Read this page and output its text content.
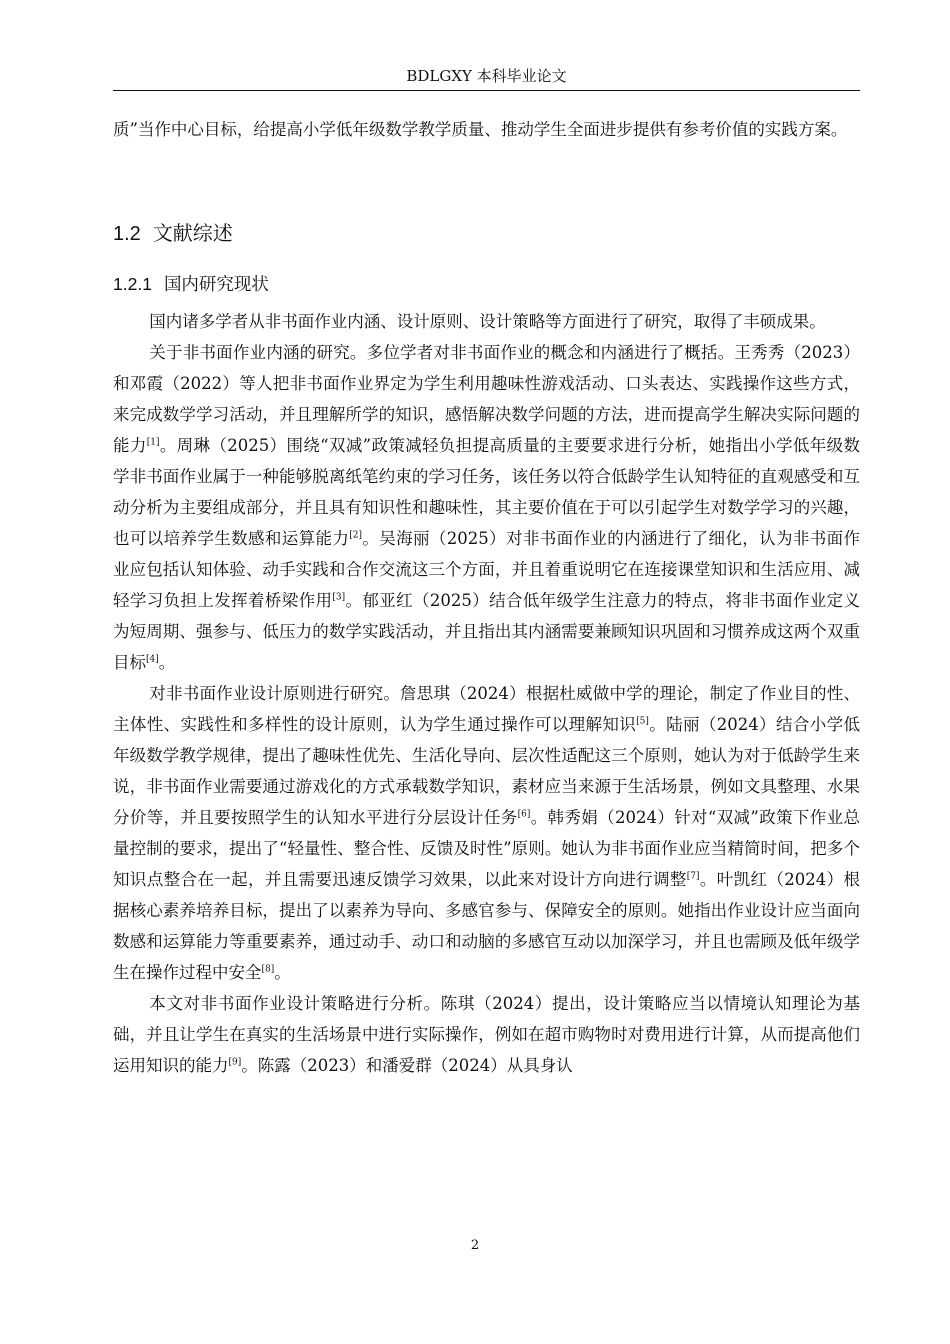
BDLGXY 本科毕业论文

质”当作中心目标，给提高小学低年级数学教学质量、推动学生全面进步提供有参考价值的实践方案。

1.2 文献综述
1.2.1 国内研究现状

国内诸多学者从非书面作业内涵、设计原则、设计策略等方面进行了研究，取得了丰硕成果。

关于非书面作业内涵的研究。多位学者对非书面作业的概念和内涵进行了概括。王秀秀（2023）和邓霞（2022）等人把非书面作业界定为学生利用趣味性游戏活动、口头表达、实践操作这些方式，来完成数学学习活动，并且理解所学的知识，感悟解决数学问题的方法，进而提高学生解决实际问题的能力[1]。周琳（2025）围绕“双减”政策减轻负担提高质量的主要要求进行分析，她指出小学低年级数学非书面作业属于一种能够脱离纸笔约束的学习任务，该任务以符合低龄学生认知特征的直观感受和互动分析为主要组成部分，并且具有知识性和趣味性，其主要价值在于可以引起学生对数学学习的兴趣，也可以培养学生数感和运算能力[2]。吴海丽（2025）对非书面作业的内涵进行了细化，认为非书面作业应包括认知体验、动手实践和合作交流这三个方面，并且着重说明它在连接课堂知识和生活应用、减轻学习负担上发挥着桥梁作用[3]。郁亚红（2025）结合低年级学生注意力的特点，将非书面作业定义为短周期、强参与、低压力的数学实践活动，并且指出其内涵需要兼顾知识巩固和习惯养成这两个双重目标[4]。

对非书面作业设计原则进行研究。詹思琪（2024）根据杜威做中学的理论，制定了作业目的性、主体性、实践性和多样性的设计原则，认为学生通过操作可以理解知识[5]。陆丽（2024）结合小学低年级数学教学规律，提出了趣味性优先、生活化导向、层次性适配这三个原则，她认为对于低龄学生来说，非书面作业需要通过游戏化的方式承载数学知识，素材应当来源于生活场景，例如文具整理、水果分价等，并且要按照学生的认知水平进行分层设计任务[6]。韩秀娟（2024）针对“双减”政策下作业总量控制的要求，提出了“轻量性、整合性、反馈及时性”原则。她认为非书面作业应当精简时间，把多个知识点整合在一起，并且需要迅速反馈学习效果，以此来对设计方向进行调整[7]。叶凯红（2024）根据核心素养培养目标，提出了以素养为导向、多感官参与、保障安全的原则。她指出作业设计应当面向数感和运算能力等重要素养，通过动手、动口和动脑的多感官互动以加深学习，并且也需顾及低年级学生在操作过程中安全[8]。

本文对非书面作业设计策略进行分析。陈琪（2024）提出，设计策略应当以情境认知理论为基础，并且让学生在真实的生活场景中进行实际操作，例如在超市购物时对费用进行计算，从而提高他们运用知识的能力[9]。陈露（2023）和潘爱群（2024）从具身认

2
